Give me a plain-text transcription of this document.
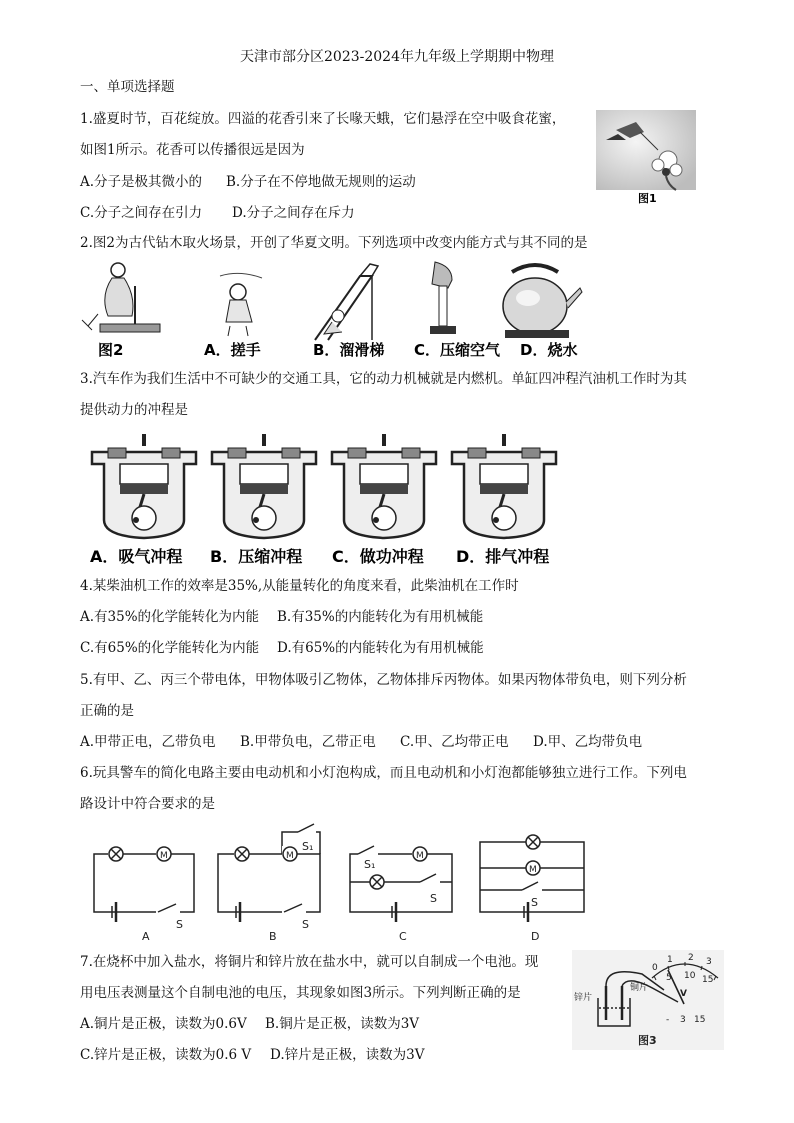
天津市部分区2023-2024年九年级上学期期中物理
一、单项选择题
1.盛夏时节，百花绽放。四溢的花香引来了长喙天蛾，它们悬浮在空中吸食花蜜，
如图1所示。花香可以传播很远是因为
A.分子是极其微小的 B.分子在不停地做无规则的运动
C.分子之间存在引力 D.分子之间存在斥力
图1
2.图2为古代钻木取火场景，开创了华夏文明。下列选项中改变内能方式与其不同的是
图2	A．搓手	B．溜滑梯 C．压缩空气 D．烧水
3.汽车作为我们生活中不可缺少的交通工具，它的动力机械就是内燃机。单缸四冲程汽油机工作时为其
提供动力的冲程是
A．吸气冲程 B．压缩冲程 C．做功冲程 D．排气冲程
4.某柴油机工作的效率是35%,从能量转化的角度来看，此柴油机在工作时
A.有35%的化学能转化为内能 B.有35%的内能转化为有用机械能
C.有65%的化学能转化为内能 D.有65%的内能转化为有用机械能
5.有甲、乙、丙三个带电体，甲物体吸引乙物体，乙物体排斥丙物体。如果丙物体带负电，则下列分析
正确的是
A.甲带正电，乙带负电 B.甲带负电，乙带正电 C.甲、乙均带正电 D.甲、乙均带负电
6.玩具警车的简化电路主要由电动机和小灯泡构成，而且电动机和小灯泡都能够独立进行工作。下列电
路设计中符合要求的是
M	M	M
M
S	S
S₁
S₁
S	S
A	B	C	D
7.在烧杯中加入盐水，将铜片和锌片放在盐水中，就可以自制成一个电池。现
用电压表测量这个自制电池的电压，其现象如图3所示。下列判断正确的是
A.铜片是正极，读数为0.6V B.铜片是正极，读数为3V
C.锌片是正极，读数为0.6 V D.锌片是正极，读数为3V
锌片
铜片
0
1 2 3
5 10 15
V
- 3 15
图3
